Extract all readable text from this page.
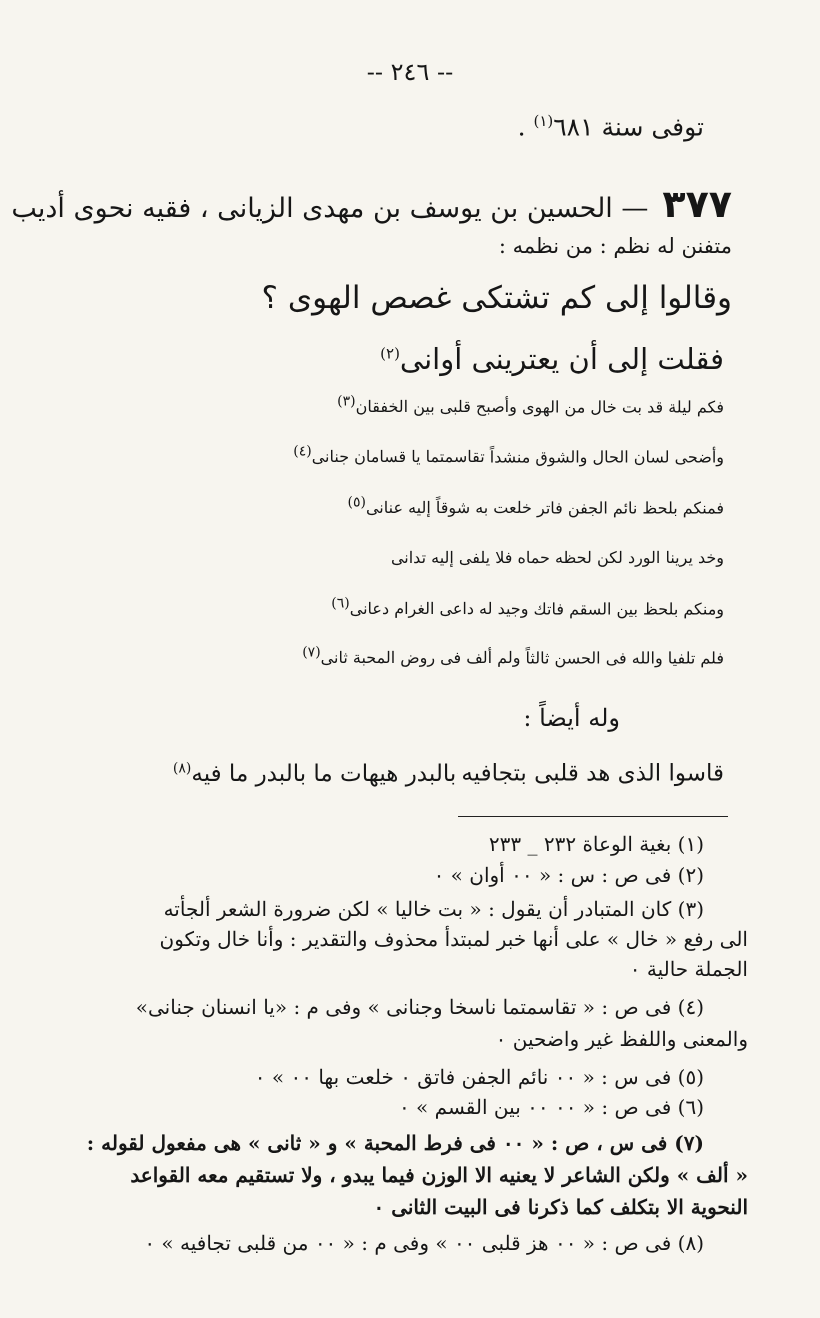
-- ٢٤٦ --
توفى سنة ٦٨١$^{(١)}$ .
٣٧٧— الحسين بن يوسف بن مهدى الزيانى ، فقيه نحوى أديب
متفنن له نظم : من نظمه :
وقالوا إلى كم تشتكى غصص الهوى ؟
فقلت إلى أن يعترينى أوانى$^{(٢)}$
فكم ليلة قد بت خال من الهوى وأصبح قلبى بين الخفقان$^{(٣)}$
وأضحى لسان الحال والشوق منشداً تقاسمتما يا قسامان جنانى$^{(٤)}$
فمنكم بلحظ نائم الجفن فاتر خلعت به شوقاً إليه عنانى$^{(٥)}$
وخد يرينا الورد لكن لحظه حماه فلا يلفى إليه تدانى
ومنكم بلحظ بين السقم فاتك وجيد له داعى الغرام دعانى$^{(٦)}$
فلم تلفيا والله فى الحسن ثالثاً ولم ألف فى روض المحبة ثانى$^{(٧)}$
قاسوا الذى هد قلبى بتجافيه بالبدر هيهات ما بالبدر ما فيه$^{(٨)}$
وله أيضاً :
(١) بغية الوعاة ٢٣٢ _ ٢٣٣
(٢) فى ص : س : « ٠٠ أوان » ٠
(٣) كان المتبادر أن يقول : « بت خاليا » لكن ضرورة الشعر ألجأته
الى رفع « خال » على أنها خبر لمبتدأ محذوف والتقدير : وأنا خال وتكون
الجملة حالية ٠
(٤) فى ص : « تقاسمتما ناسخا وجنانى » وفى م : «يا انسنان جنانى»
والمعنى واللفظ غير واضحين ٠
(٥) فى س : « ٠٠ نائم الجفن فاتق ٠ خلعت بها ٠٠ » ٠
(٦) فى ص : « ٠٠ ٠٠ بين القسم » ٠
(٧) فى س ، ص : « ٠٠ فى فرط المحبة » و « ثانى » هى مفعول لقوله :
« ألف » ولكن الشاعر لا يعنيه الا الوزن فيما يبدو ، ولا تستقيم معه القواعد
النحوية الا بتكلف كما ذكرنا فى البيت الثانى ٠
(٨) فى ص : « ٠٠ هز قلبى ٠٠ » وفى م : « ٠٠ من قلبى تجافيه » ٠
